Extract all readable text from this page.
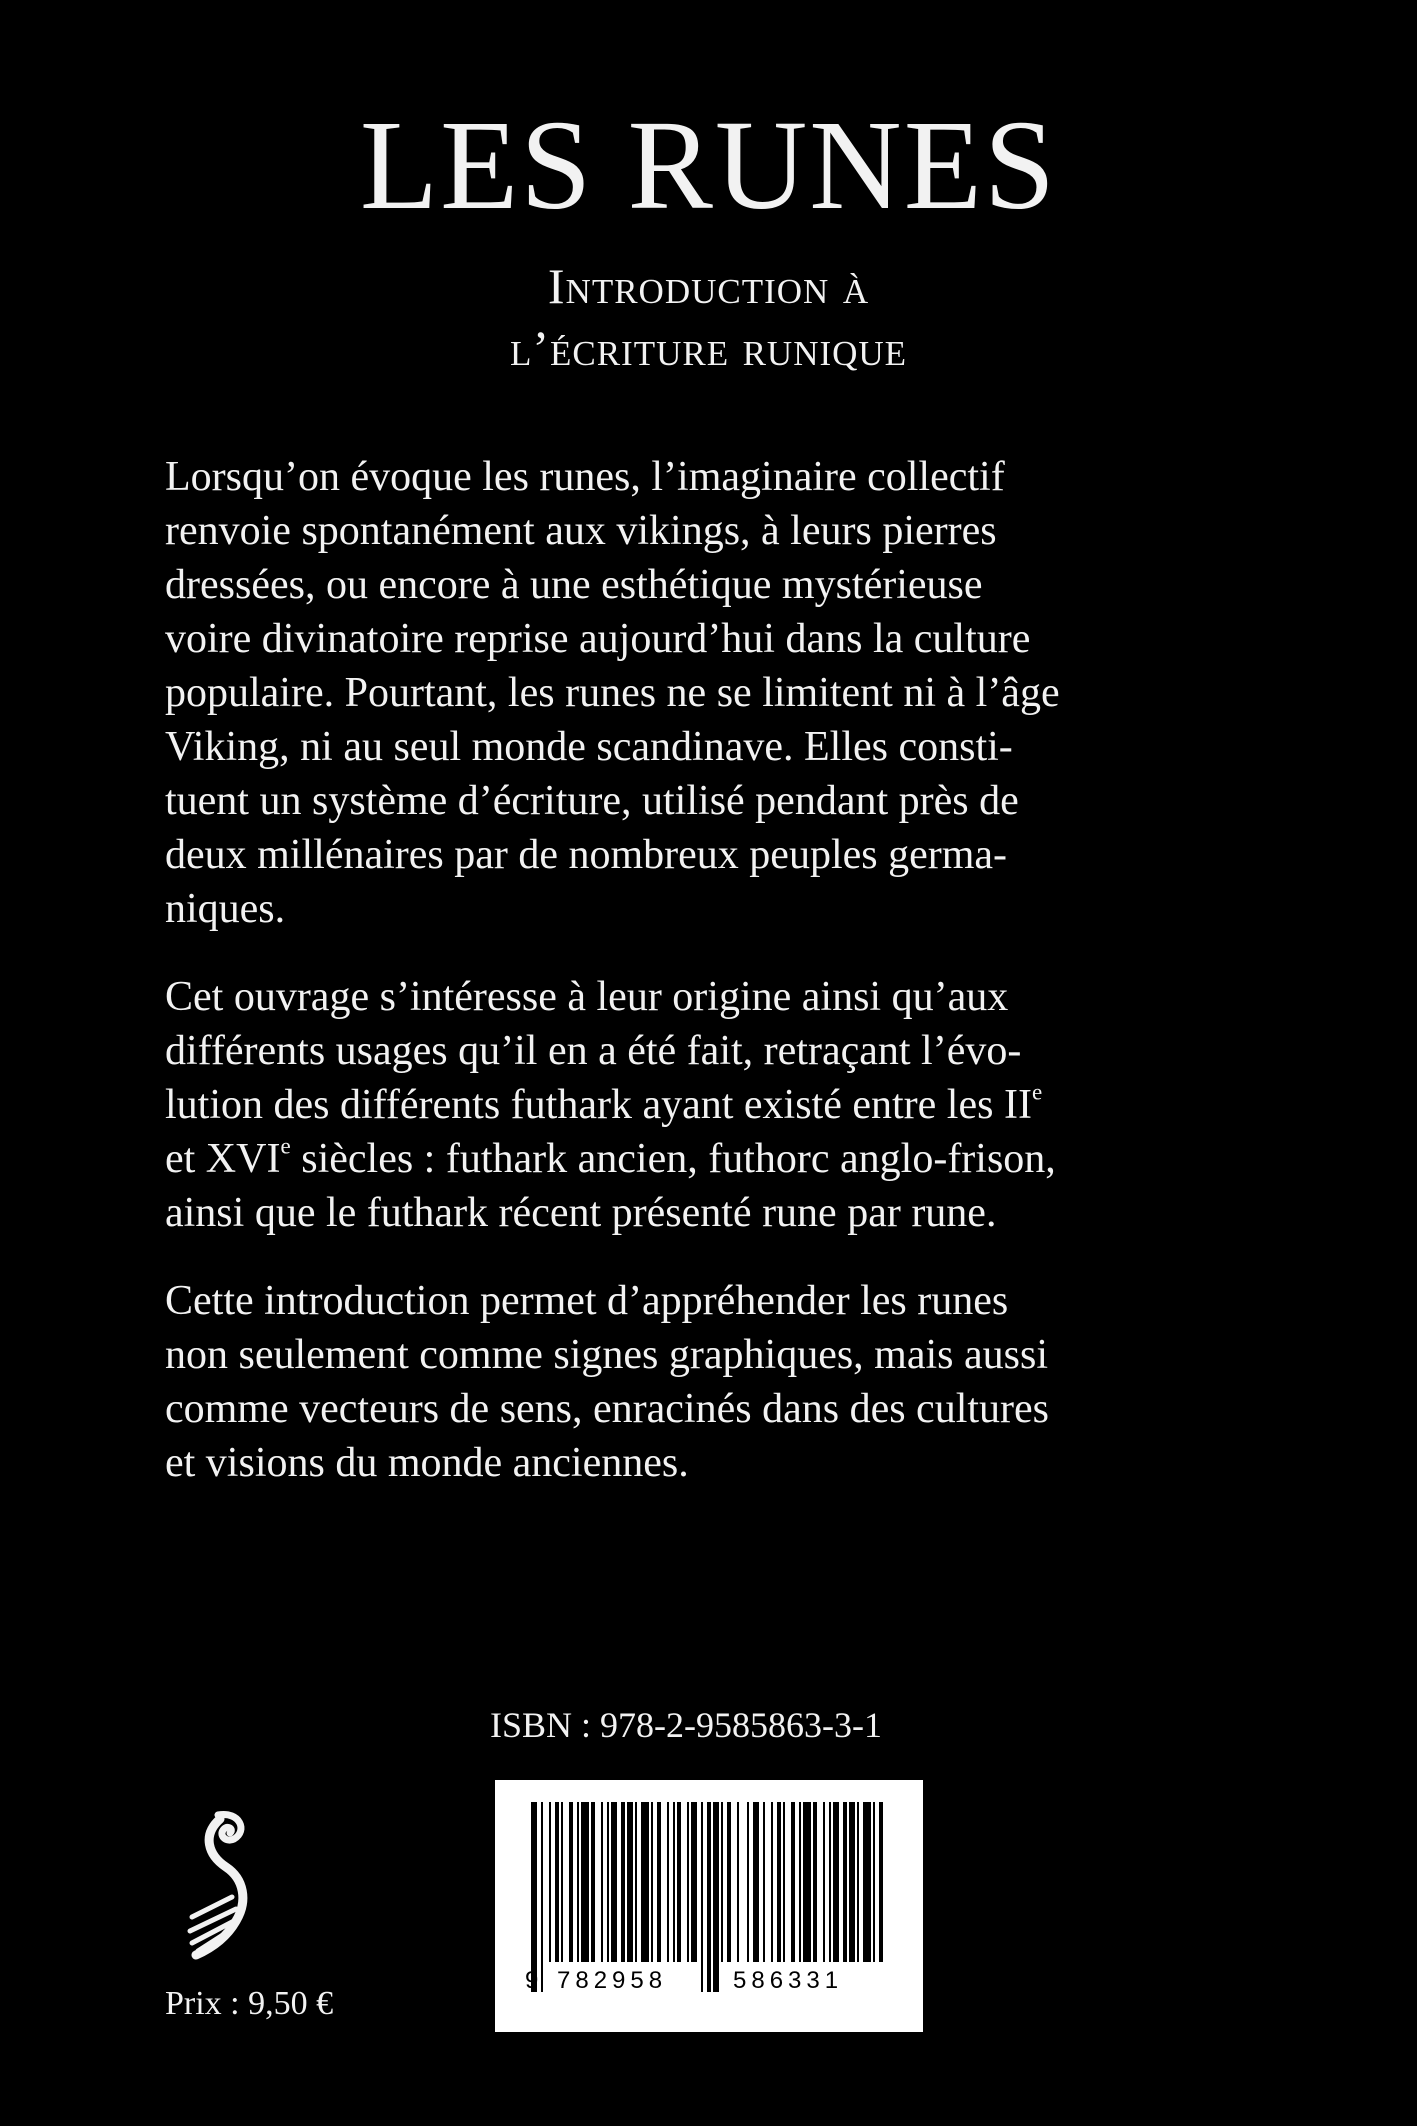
LES RUNES
Introduction à
l’écriture runique

Lorsqu’on évoque les runes, l’imaginaire collectif
renvoie spontanément aux vikings, à leurs pierres
dressées, ou encore à une esthétique mystérieuse
voire divinatoire reprise aujourd’hui dans la culture
populaire. Pourtant, les runes ne se limitent ni à l’âge
Viking, ni au seul monde scandinave. Elles consti-
tuent un système d’écriture, utilisé pendant près de
deux millénaires par de nombreux peuples germa-
niques.

Cet ouvrage s’intéresse à leur origine ainsi qu’aux
différents usages qu’il en a été fait, retraçant l’évo-
lution des différents futhark ayant existé entre les IIe
et XVIe siècles : futhark ancien, futhorc anglo-frison,
ainsi que le futhark récent présenté rune par rune.

Cette introduction permet d’appréhender les runes
non seulement comme signes graphiques, mais aussi
comme vecteurs de sens, enracinés dans des cultures
et visions du monde anciennes.

ISBN : 978-2-9585863-3-1
9 782958	586331
Prix : 9,50 €
